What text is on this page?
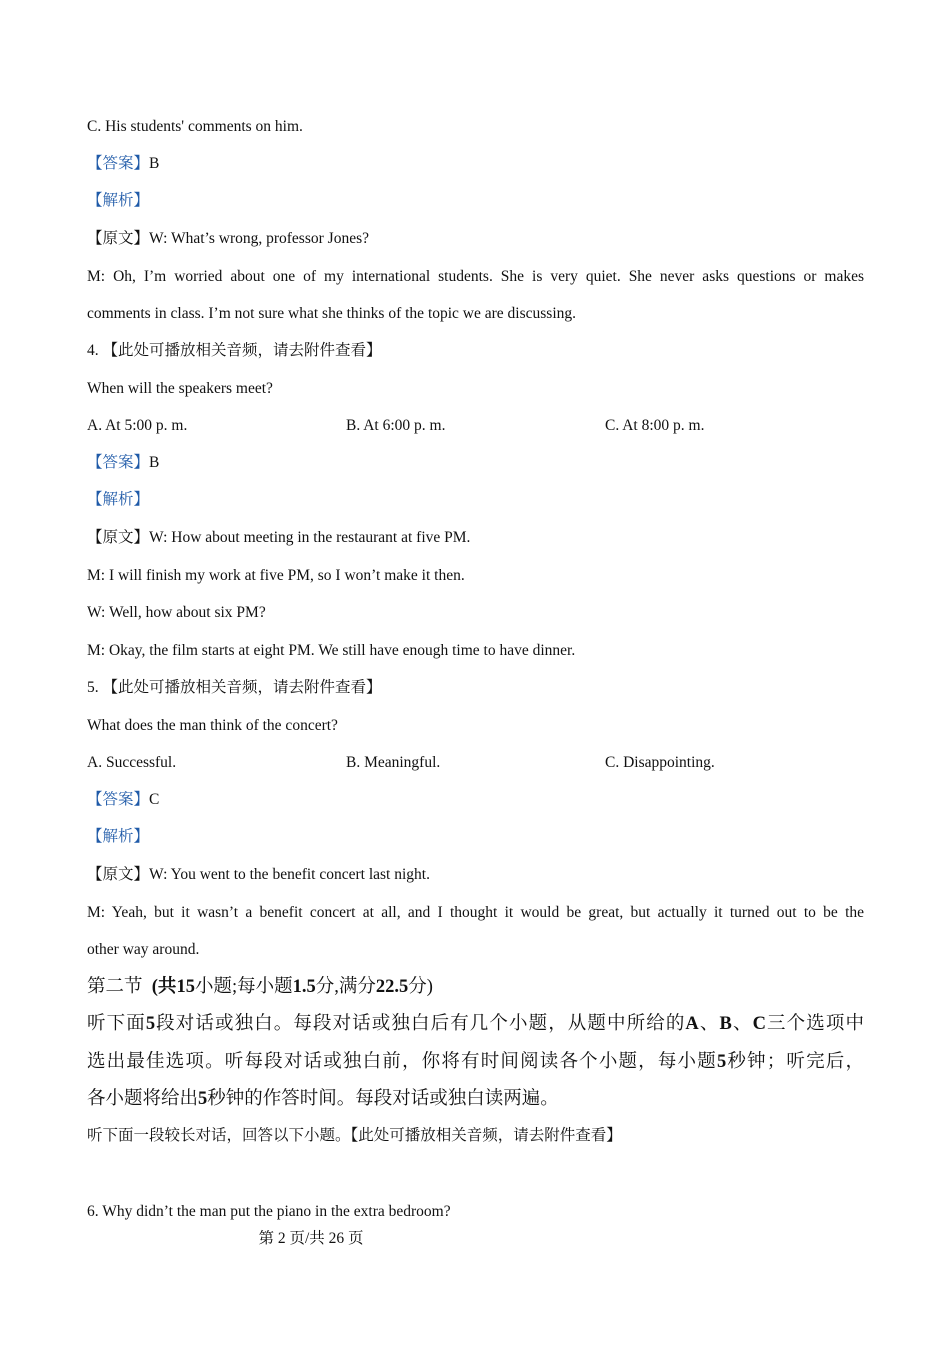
C. His students' comments on him.
【答案】B
【解析】
【原文】W: What’s wrong, professor Jones?
M: Oh, I’m worried about one of my international students. She is very quiet. She never asks questions or makes
comments in class. I’m not sure what she thinks of the topic we are discussing.
4. 【此处可播放相关音频，请去附件查看】
When will the speakers meet?
A. At 5:00 p. m.	B. At 6:00 p. m.	C. At 8:00 p. m.
【答案】B
【解析】
【原文】W: How about meeting in the restaurant at five PM.
M: I will finish my work at five PM, so I won’t make it then.
W: Well, how about six PM?
M: Okay, the film starts at eight PM. We still have enough time to have dinner.
5. 【此处可播放相关音频，请去附件查看】
What does the man think of the concert?
A. Successful.	B. Meaningful.	C. Disappointing.
【答案】C
【解析】
【原文】W: You went to the benefit concert last night.
M: Yeah, but it wasn’t a benefit concert at all, and I thought it would be great, but actually it turned out to be the
other way around.
第二节 (共15小题;每小题1.5分,满分22.5分)
听下面5段对话或独白。每段对话或独白后有几个小题，从题中所给的A、B、C三个选项中
选出最佳选项。听每段对话或独白前，你将有时间阅读各个小题，每小题5秒钟；听完后，
各小题将给出5秒钟的作答时间。每段对话或独白读两遍。
听下面一段较长对话，回答以下小题。【此处可播放相关音频，请去附件查看】
6. Why didn’t the man put the piano in the extra bedroom?
第 2 页/共 26 页
